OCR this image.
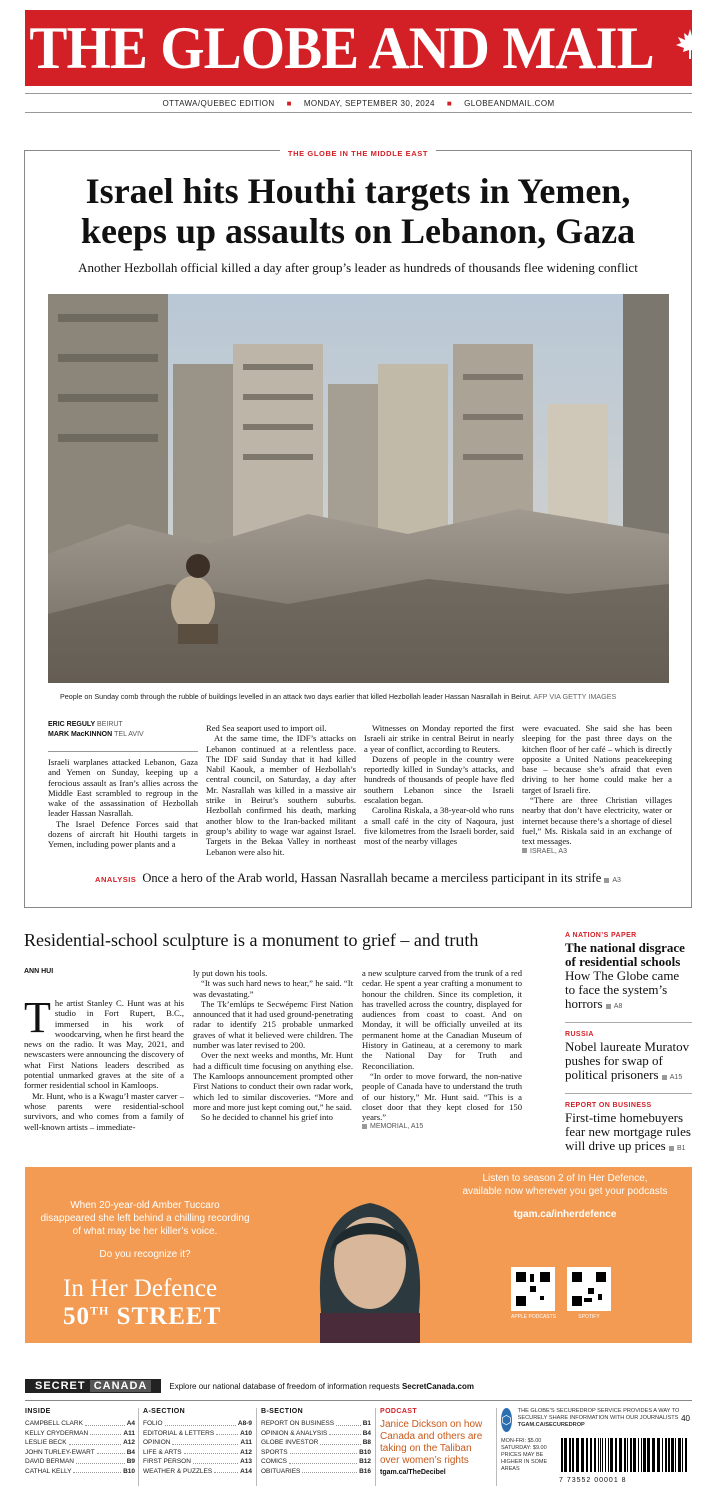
THE GLOBE AND MAIL
OTTAWA/QUEBEC EDITION ■ MONDAY, SEPTEMBER 30, 2024 ■ GLOBEANDMAIL.COM
THE GLOBE IN THE MIDDLE EAST
Israel hits Houthi targets in Yemen,
keeps up assaults on Lebanon, Gaza
Another Hezbollah official killed a day after group’s leader as hundreds of thousands flee widening conflict
People on Sunday comb through the rubble of buildings levelled in an attack two days earlier that killed Hezbollah leader Hassan Nasrallah in Beirut. AFP VIA GETTY IMAGES
ERIC REGULY BEIRUT
MARK MacKINNON TEL AVIV

Israeli warplanes attacked Lebanon, Gaza and Yemen on Sunday, keeping up a ferocious assault as Iran’s allies across the Middle East scrambled to regroup in the wake of the assassination of Hezbollah leader Hassan Nasrallah.

The Israel Defence Forces said that dozens of aircraft hit Houthi targets in Yemen, including power plants and a

Red Sea seaport used to import oil.

At the same time, the IDF’s attacks on Lebanon continued at a relentless pace. The IDF said Sunday that it had killed Nabil Kaouk, a member of Hezbollah’s central council, on Saturday, a day after Mr. Nasrallah was killed in a massive air strike in Beirut’s southern suburbs. Hezbollah confirmed his death, marking another blow to the Iran-backed militant group’s ability to wage war against Israel. Targets in the Bekaa Valley in northeast Lebanon were also hit.

Witnesses on Monday reported the first Israeli air strike in central Beirut in nearly a year of conflict, according to Reuters.

Dozens of people in the country were reportedly killed in Sunday’s attacks, and hundreds of thousands of people have fled southern Lebanon since the Israeli escalation began.

Carolina Riskala, a 38-year-old who runs a small café in the city of Naqoura, just five kilometres from the Israeli border, said most of the nearby villages

were evacuated. She said she has been sleeping for the past three days on the kitchen floor of her café – which is directly opposite a United Nations peacekeeping base – because she’s afraid that even driving to her home could make her a target of Israeli fire.

“There are three Christian villages nearby that don’t have electricity, water or internet because there’s a shortage of diesel fuel,” Ms. Riskala said in an exchange of text messages.

ISRAEL, A3

ANALYSIS Once a hero of the Arab world, Hassan Nasrallah became a merciless participant in its strife A3
Residential-school sculpture is a monument to grief – and truth
ANN HUI

The artist Stanley C. Hunt was at his studio in Fort Rupert, B.C., immersed in his work of woodcarving, when he first heard the news on the radio. It was May, 2021, and newscasters were announcing the discovery of what First Nations leaders described as potential unmarked graves at the site of a former residential school in Kamloops.

Mr. Hunt, who is a Kwagu’ł master carver – whose parents were residential-school survivors, and who comes from a family of well-known artists – immediate-

ly put down his tools.

“It was such hard news to hear,” he said. “It was devastating.”

The Tk’emlúps te Secwépemc First Nation announced that it had used ground-penetrating radar to identify 215 probable unmarked graves of what it believed were children. The number was later revised to 200.

Over the next weeks and months, Mr. Hunt had a difficult time focusing on anything else. The Kamloops announcement prompted other First Nations to conduct their own radar work, which led to similar discoveries. “More and more and more just kept coming out,” he said.

So he decided to channel his grief into

a new sculpture carved from the trunk of a red cedar. He spent a year crafting a monument to honour the children. Since its completion, it has travelled across the country, displayed for audiences from coast to coast. And on Monday, it will be officially unveiled at its permanent home at the Canadian Museum of History in Gatineau, at a ceremony to mark the National Day for Truth and Reconciliation.

“In order to move forward, the non-native people of Canada have to understand the truth of our history,” Mr. Hunt said. “This is a closet door that they kept closed for 150 years.”

MEMORIAL, A15

A NATION’S PAPER
The national disgrace of residential schools
How The Globe came to face the system’s horrors A8
RUSSIA
Nobel laureate Muratov pushes for swap of political prisoners A15
REPORT ON BUSINESS
First-time homebuyers fear new mortgage rules will drive up prices B1
When 20-year-old Amber Tuccaro
disappeared she left behind a chilling recording
of what may be her killer’s voice.
Do you recognize it?
In Her Defence
50TH STREET
Listen to season 2 of In Her Defence,
available now wherever you get your podcasts
tgam.ca/inherdefence
APPLE PODCASTS	SPOTIFY
SECRET CANADA	Explore our national database of freedom of information requests
SecretCanada.com
INSIDE
CAMPBELL CLARK	A4
KELLY CRYDERMAN	A11
LESLIE BECK	A12
JOHN TURLEY-EWART	B4
DAVID BERMAN	B9
CATHAL KELLY	B10
A-SECTION
FOLIO	A8-9
EDITORIAL & LETTERS	A10
OPINION	A11
LIFE & ARTS	A12
FIRST PERSON	A13
WEATHER & PUZZLES	A14
B-SECTION
REPORT ON BUSINESS	B1
OPINION & ANALYSIS	B4
GLOBE INVESTOR	B8
SPORTS	B10
COMICS	B12
OBITUARIES	B16
PODCAST
Janice Dickson on how Canada and others are taking on the Taliban over women’s rights
tgam.ca/TheDecibel
⬡
THE GLOBE’S SECUREDROP SERVICE PROVIDES A WAY TO SECURELY SHARE INFORMATION WITH OUR JOURNALISTS TGAM.CA/SECUREDROP
MON-FRI: $5.00
SATURDAY: $9.00
PRICES MAY BE
HIGHER IN SOME AREAS
7 73552 00001 8
40
